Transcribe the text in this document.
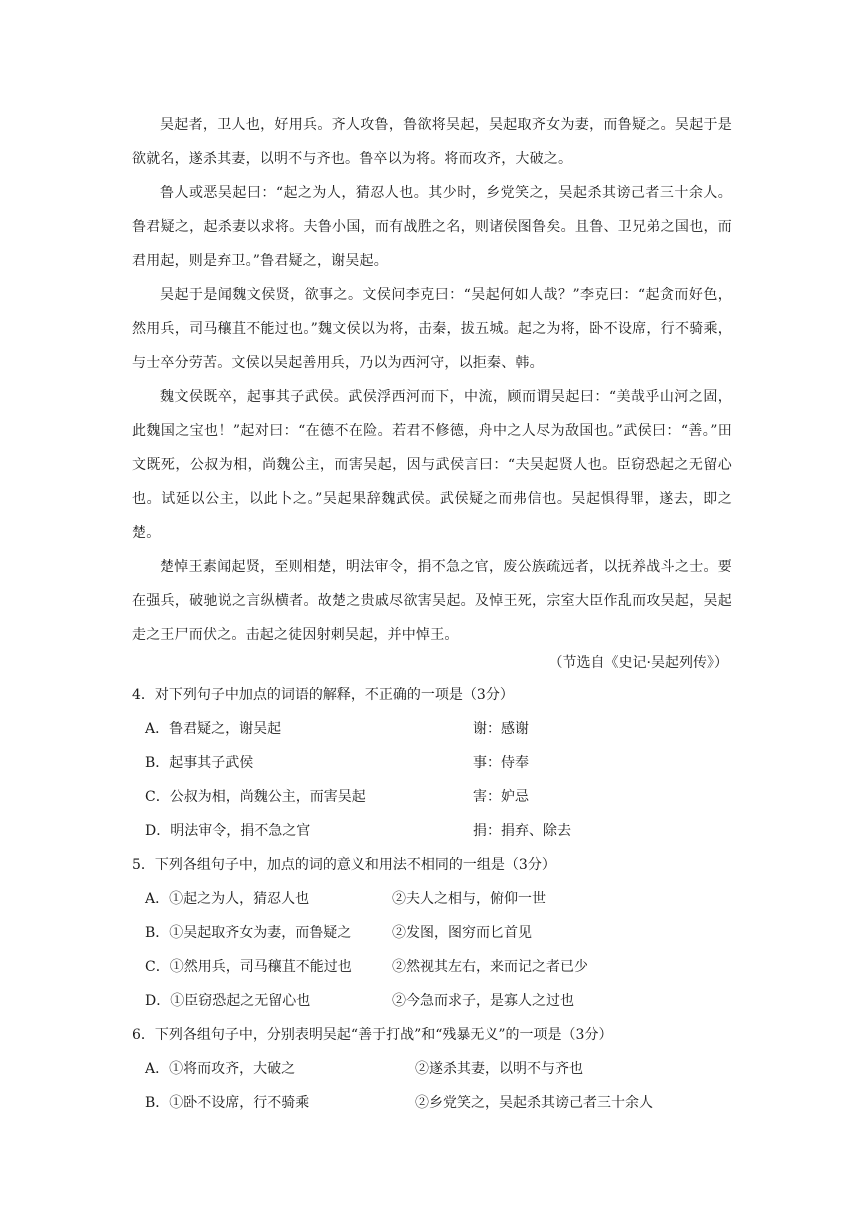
吴起者，卫人也，好用兵。齐人攻鲁，鲁欲将吴起，吴起取齐女为妻，而鲁疑之。吴起于是欲就名，遂杀其妻，以明不与齐也。鲁卒以为将。将而攻齐，大破之。

鲁人或恶吴起曰：“起之为人，猜忍人也。其少时，乡党笑之，吴起杀其谤己者三十余人。鲁君疑之，起杀妻以求将。夫鲁小国，而有战胜之名，则诸侯图鲁矣。且鲁、卫兄弟之国也，而君用起，则是弃卫。”鲁君疑之，谢吴起。

吴起于是闻魏文侯贤，欲事之。文侯问李克曰：“吴起何如人哉？”李克曰：“起贪而好色，然用兵，司马穰苴不能过也。”魏文侯以为将，击秦，拔五城。起之为将，卧不设席，行不骑乘，与士卒分劳苦。文侯以吴起善用兵，乃以为西河守，以拒秦、韩。

魏文侯既卒，起事其子武侯。武侯浮西河而下，中流，顾而谓吴起曰：“美哉乎山河之固，此魏国之宝也！”起对曰：“在德不在险。若君不修德，舟中之人尽为敌国也。”武侯曰：“善。”田文既死，公叔为相，尚魏公主，而害吴起，因与武侯言曰：“夫吴起贤人也。臣窃恐起之无留心也。试延以公主，以此卜之。”吴起果辞魏武侯。武侯疑之而弗信也。吴起惧得罪，遂去，即之楚。

楚悼王素闻起贤，至则相楚，明法审令，捐不急之官，废公族疏远者，以抚养战斗之士。要在强兵，破驰说之言纵横者。故楚之贵戚尽欲害吴起。及悼王死，宗室大臣作乱而攻吴起，吴起走之王尸而伏之。击起之徒因射刺吴起，并中悼王。

（节选自《史记·吴起列传》）
4．对下列句子中加点的词语的解释，不正确的一项是（3分）
A．鲁君疑之，谢吴起	谢：感谢
B．起事其子武侯	事：侍奉
C．公叔为相，尚魏公主，而害吴起	害：妒忌
D．明法审令，捐不急之官	捐：捐弃、除去
5．下列各组句子中，加点的词的意义和用法不相同的一组是（3分）
A．①起之为人，猜忍人也	②夫人之相与，俯仰一世
B．①吴起取齐女为妻，而鲁疑之	②发图，图穷而匕首见
C．①然用兵，司马穰苴不能过也	②然视其左右，来而记之者已少
D．①臣窃恐起之无留心也	②今急而求子，是寡人之过也
6．下列各组句子中，分别表明吴起“善于打战”和“残暴无义”的一项是（3分）
A．①将而攻齐，大破之	②遂杀其妻，以明不与齐也
B．①卧不设席，行不骑乘	②乡党笑之，吴起杀其谤己者三十余人
